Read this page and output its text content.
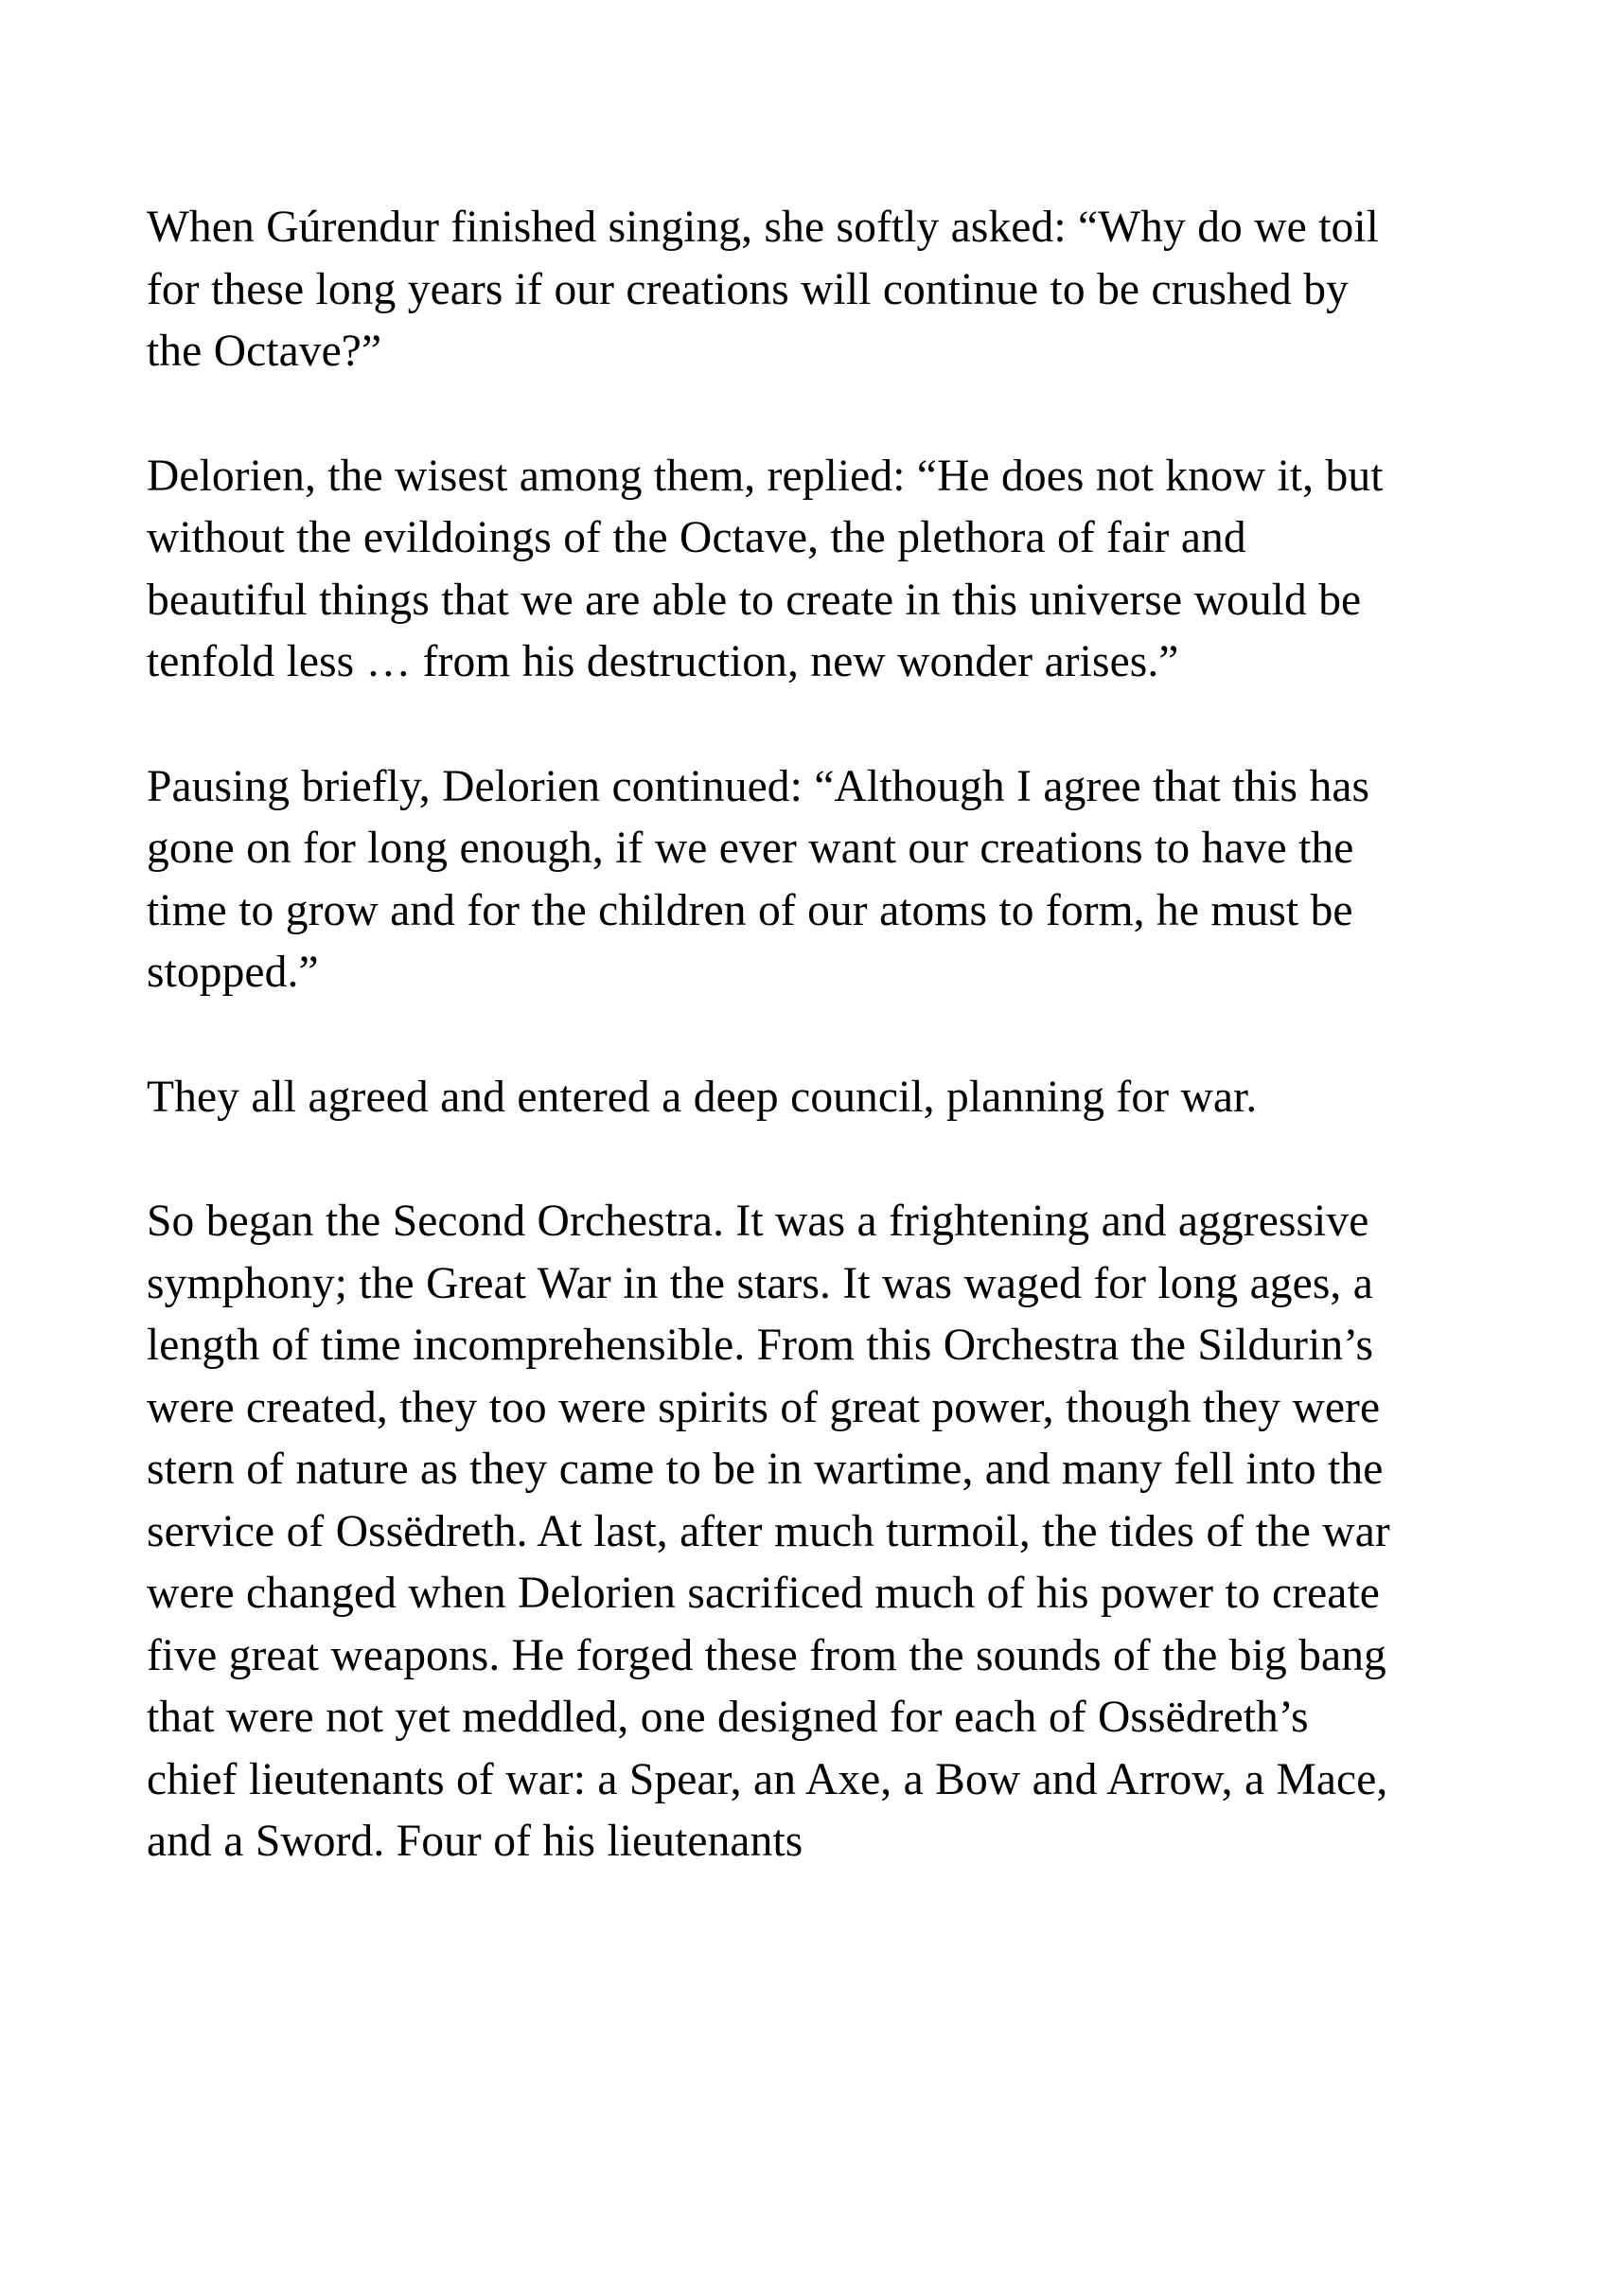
When Gúrendur finished singing, she softly asked: “Why do we toil for these long years if our creations will continue to be crushed by the Octave?”

Delorien, the wisest among them, replied: “He does not know it, but without the evildoings of the Octave, the plethora of fair and beautiful things that we are able to create in this universe would be tenfold less … from his destruction, new wonder arises.”

Pausing briefly, Delorien continued: “Although I agree that this has gone on for long enough, if we ever want our creations to have the time to grow and for the children of our atoms to form, he must be stopped.”

They all agreed and entered a deep council, planning for war.

So began the Second Orchestra. It was a frightening and aggressive symphony; the Great War in the stars. It was waged for long ages, a length of time incomprehensible. From this Orchestra the Sildurin’s were created, they too were spirits of great power, though they were stern of nature as they came to be in wartime, and many fell into the service of Ossëdreth. At last, after much turmoil, the tides of the war were changed when Delorien sacrificed much of his power to create five great weapons. He forged these from the sounds of the big bang that were not yet meddled, one designed for each of Ossëdreth’s chief lieutenants of war: a Spear, an Axe, a Bow and Arrow, a Mace, and a Sword. Four of his lieutenants
